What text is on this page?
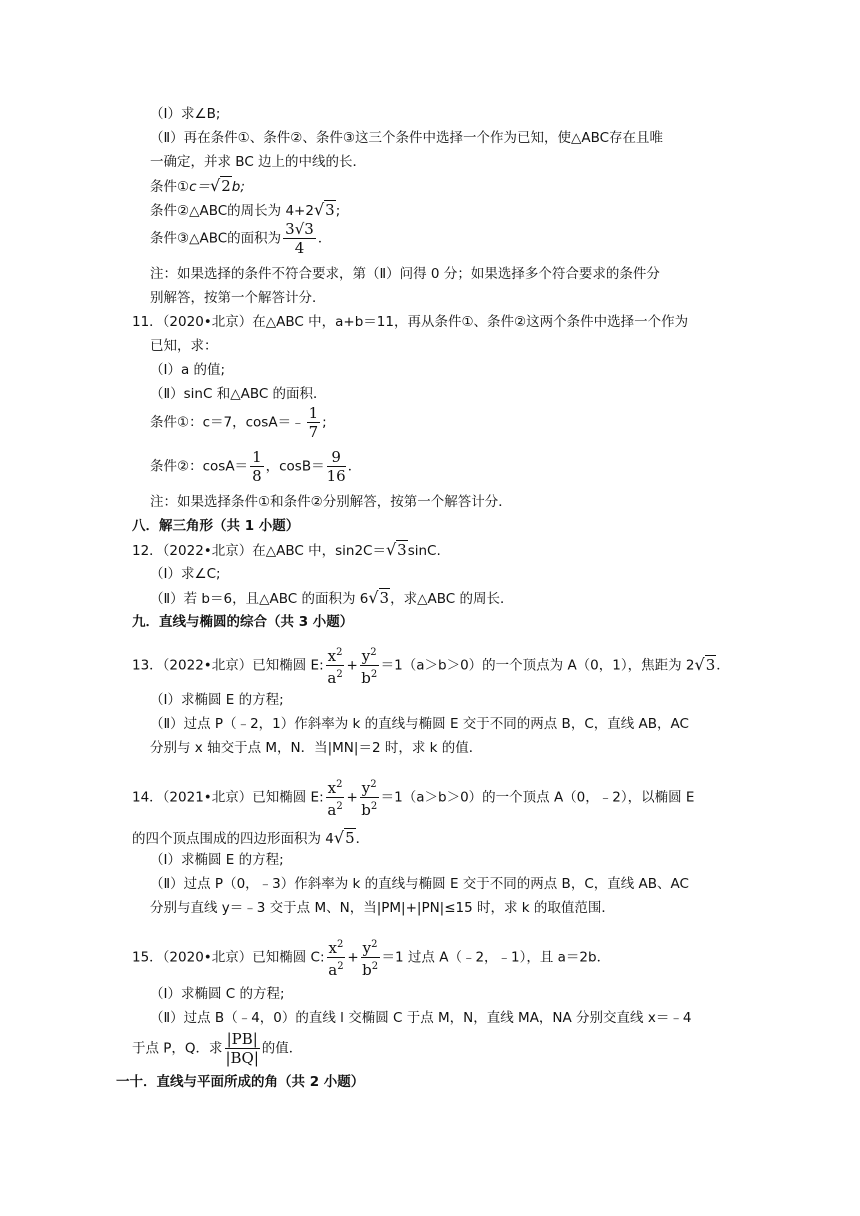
（Ⅰ）求∠B;
（Ⅱ）再在条件①、条件②、条件③这三个条件中选择一个作为已知，使△ABC存在且唯
一确定，并求 BC 边上的中线的长．
条件①c＝√2b;
条件②△ABC的周长为 4+2√3;
条件③△ABC的面积为 $\frac{3√3}{4}$ ．
注：如果选择的条件不符合要求，第（Ⅱ）问得 0 分；如果选择多个符合要求的条件分
别解答，按第一个解答计分．
11．（2020•北京）在△ABC 中，a+b＝11，再从条件①、条件②这两个条件中选择一个作为
已知，求：
（Ⅰ）a 的值;
（Ⅱ）sinC 和△ABC 的面积．
条件①：c＝7，cosA＝﹣ $\frac{1}{7}$ ;
条件②：$\cos A= \frac{1}{8}$ ，$\cos B= \frac{9}{16}$ ．
注：如果选择条件①和条件②分别解答，按第一个解答计分．
八．解三角形（共 1 小题）
12．（2022•北京）在△ABC 中，sin2C＝√3sinC.
（Ⅰ）求∠C;
（Ⅱ）若 b＝6，且△ABC 的面积为 6√3，求△ABC 的周长．
九．直线与椭圆的综合（共 3 小题）
13．（2022•北京）已知椭圆 E: $\frac{x^2}{a^2} + \frac{y^2}{b^2} =1(a>b>0)$的一个顶点为 A（0，1），焦距为 2√3．
（Ⅰ）求椭圆 E 的方程;
（Ⅱ）过点 P（﹣2，1）作斜率为 k 的直线与椭圆 E 交于不同的两点 B，C，直线 AB，AC
分别与 x 轴交于点 M，N．当|MN|＝2 时，求 k 的值．
14．（2021•北京）已知椭圆 E: $\frac{x^2}{a^2} + \frac{y^2}{b^2} =1(a>b>0)$的一个顶点 A（0，﹣2），以椭圆 E
的四个顶点围成的四边形面积为 4√5．
（Ⅰ）求椭圆 E 的方程;
（Ⅱ）过点 P（0，﹣3）作斜率为 k 的直线与椭圆 E 交于不同的两点 B，C，直线 AB、AC
分别与直线 y＝﹣3 交于点 M、N，当|PM|+|PN|≤15 时，求 k 的取值范围．
15．（2020•北京）已知椭圆 C: $\frac{x^2}{a^2} + \frac{y^2}{b^2} =1$ 过点 A（﹣2，﹣1），且 a＝2b．
（Ⅰ）求椭圆 C 的方程;
（Ⅱ）过点 B（﹣4，0）的直线 l 交椭圆 C 于点 M，N，直线 MA，NA 分别交直线 x＝﹣4
于点 P，Q．求 $\frac{|PB|}{|BQ|}$ 的值．
一十．直线与平面所成的角（共 2 小题）
